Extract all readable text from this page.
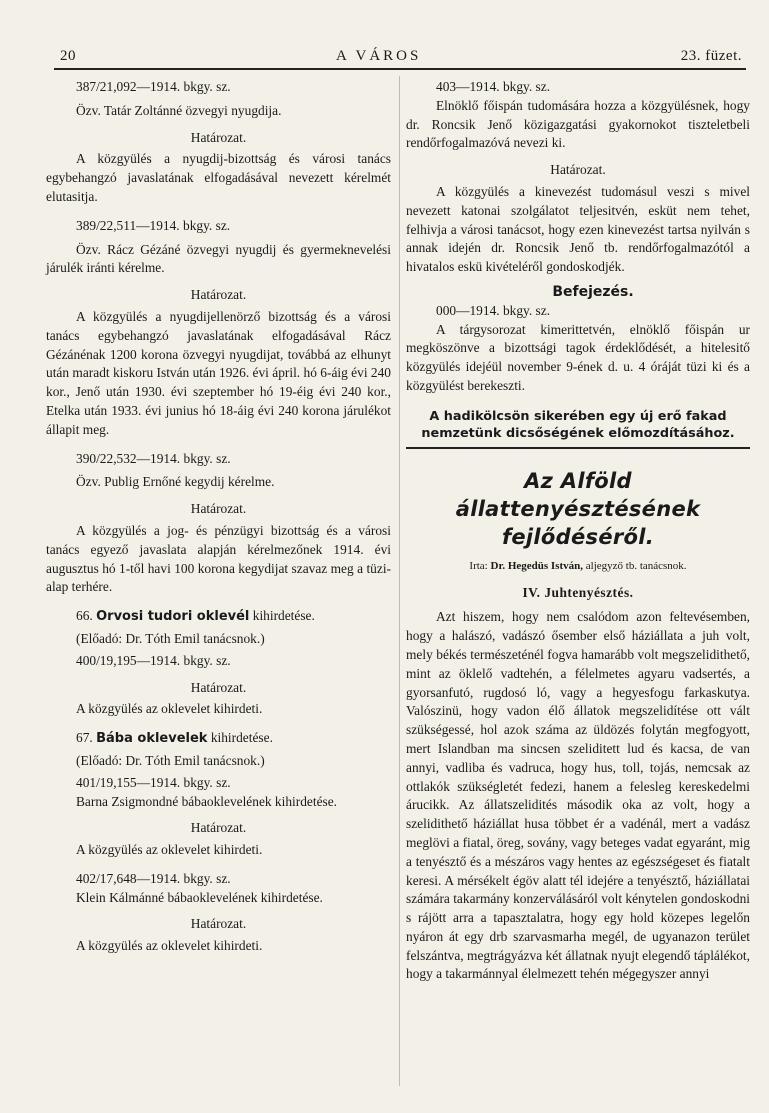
20	A VÁROS	23. füzet.

387/21,092—1914. bkgy. sz.

Özv. Tatár Zoltánné özvegyi nyugdija.

Határozat.

A közgyülés a nyugdij-bizottság és városi tanács egybehangzó javaslatának elfogadásával nevezett kérelmét elutasitja.

389/22,511—1914. bkgy. sz.

Özv. Rácz Gézáné özvegyi nyugdij és gyermeknevelési járulék iránti kérelme.

Határozat.

A közgyülés a nyugdijellenörző bizottság és a városi tanács egybehangzó javaslatának elfogadásával Rácz Gézánénak 1200 korona özvegyi nyugdijat, továbbá az elhunyt után maradt kiskoru István után 1926. évi ápril. hó 6-áig évi 240 kor., Jenő után 1930. évi szeptember hó 19-éig évi 240 kor., Etelka után 1933. évi junius hó 18-áig évi 240 korona járulékot állapit meg.

390/22,532—1914. bkgy. sz.

Özv. Publig Ernőné kegydij kérelme.

Határozat.

A közgyülés a jog- és pénzügyi bizottság és a városi tanács egyező javaslata alapján kérelmezőnek 1914. évi augusztus hó 1-től havi 100 korona kegydijat szavaz meg a tüzi-alap terhére.

66. Orvosi tudori oklevél kihirdetése.

(Előadó: Dr. Tóth Emil tanácsnok.)

400/19,195—1914. bkgy. sz.

Határozat.

A közgyülés az oklevelet kihirdeti.

67. Bába oklevelek kihirdetése.

(Előadó: Dr. Tóth Emil tanácsnok.)

401/19,155—1914. bkgy. sz.

Barna Zsigmondné bábaoklevelének kihirdetése.

Határozat.

A közgyülés az oklevelet kihirdeti.

402/17,648—1914. bkgy. sz.

Klein Kálmánné bábaoklevelének kihirdetése.

Határozat.

A közgyülés az oklevelet kihirdeti.

403—1914. bkgy. sz.

Elnöklő főispán tudomására hozza a közgyülésnek, hogy dr. Roncsik Jenő közigazgatási gyakornokot tiszteletbeli rendőrfogalmazóvá nevezi ki.

Határozat.

A közgyülés a kinevezést tudomásul veszi s mivel nevezett katonai szolgálatot teljesitvén, esküt nem tehet, felhivja a városi tanácsot, hogy ezen kinevezést tartsa nyilván s annak idején dr. Roncsik Jenő tb. rendőrfogalmazótól a hivatalos eskü kivételéről gondoskodjék.

Befejezés.

000—1914. bkgy. sz.

A tárgysorozat kimerittetvén, elnöklő főispán ur megköszönve a bizottsági tagok érdeklődését, a hitelesitő közgyülés idejéül november 9-ének d. u. 4 óráját tüzi ki és a közgyülést berekeszti.

A hadikölcsön sikerében egy új erő fakad nemzetünk dicsőségének előmozdításához.

Az Alföld állattenyésztésének
fejlődéséről.

Irta: Dr. Hegedüs István, aljegyző tb. tanácsnok.

IV. Juhtenyésztés.

Azt hiszem, hogy nem csalódom azon feltevésemben, hogy a halászó, vadászó ősember első háziállata a juh volt, mely békés természeténél fogva hamarább volt megszelidithető, mint az öklelő vadtehén, a félelmetes agyaru vadsertés, a gyorsanfutó, rugdosó ló, vagy a hegyesfogu farkaskutya. Valószinü, hogy vadon élő állatok megszelidítése ott vált szükségessé, hol azok száma az üldözés folytán megfogyott, mert Islandban ma sincsen szeliditett lud és kacsa, de van annyi, vadliba és vadruca, hogy hus, toll, tojás, nemcsak az ottlakók szükségletét fedezi, hanem a felesleg kereskedelmi árucikk. Az állatszelidités második oka az volt, hogy a szelidithető háziállat husa többet ér a vadénál, mert a vadász meglövi a fiatal, öreg, sovány, vagy beteges vadat egyaránt, mig a tenyésztő és a mészáros vagy hentes az egészségeset és fiatalt keresi. A mérsékelt égöv alatt tél idejére a tenyésztő, háziállatai számára takarmány konzerválásáról volt kénytelen gondoskodni s rájött arra a tapasztalatra, hogy egy hold közepes legelőn nyáron át egy drb szarvasmarha megél, de ugyanazon terület felszántva, megtrágyázva két állatnak nyujt elegendő táplálékot, hogy a takarmánnyal élelmezett tehén mégegyszer annyi
